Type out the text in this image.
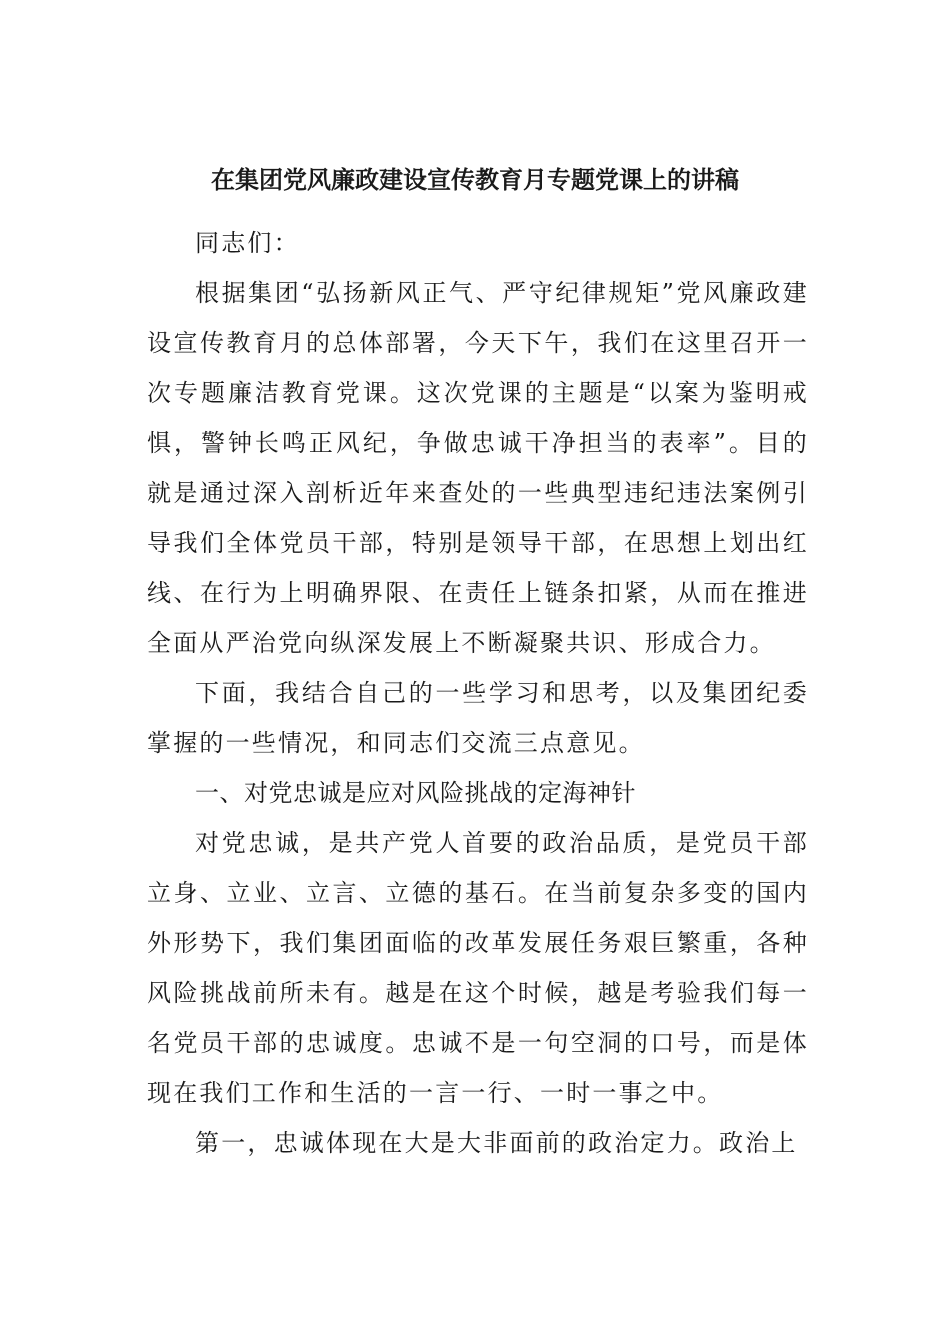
在集团党风廉政建设宣传教育月专题党课上的讲稿

同志们：

根据集团“弘扬新风正气、严守纪律规矩”党风廉政建设宣传教育月的总体部署，今天下午，我们在这里召开一次专题廉洁教育党课。这次党课的主题是“以案为鉴明戒惧，警钟长鸣正风纪，争做忠诚干净担当的表率”。目的就是通过深入剖析近年来查处的一些典型违纪违法案例引导我们全体党员干部，特别是领导干部，在思想上划出红线、在行为上明确界限、在责任上链条扣紧，从而在推进全面从严治党向纵深发展上不断凝聚共识、形成合力。

下面，我结合自己的一些学习和思考，以及集团纪委掌握的一些情况，和同志们交流三点意见。

一、对党忠诚是应对风险挑战的定海神针

对党忠诚，是共产党人首要的政治品质，是党员干部立身、立业、立言、立德的基石。在当前复杂多变的国内外形势下，我们集团面临的改革发展任务艰巨繁重，各种风险挑战前所未有。越是在这个时候，越是考验我们每一名党员干部的忠诚度。忠诚不是一句空洞的口号，而是体现在我们工作和生活的一言一行、一时一事之中。

第一，忠诚体现在大是大非面前的政治定力。政治上
